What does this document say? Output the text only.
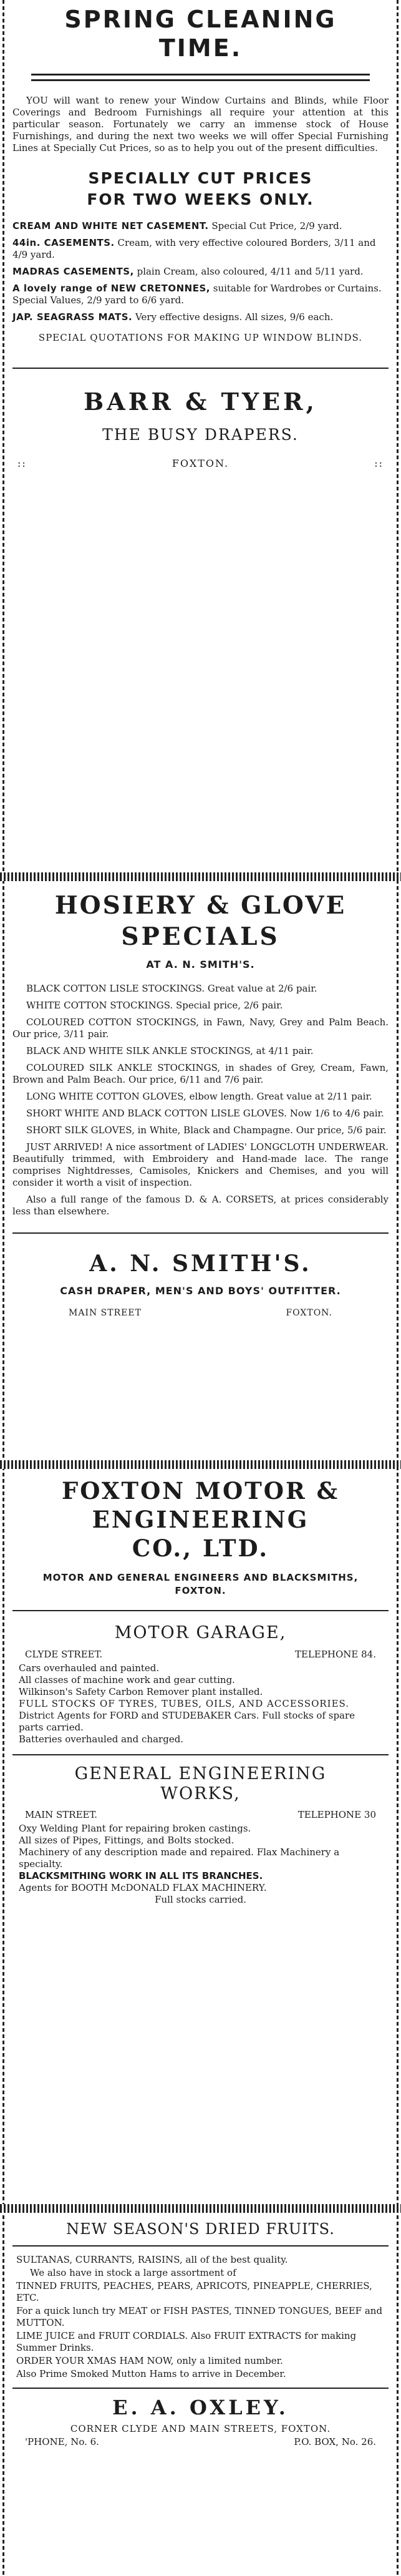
SPRING CLEANING
TIME.

YOU will want to renew your Window Curtains and Blinds, while Floor Coverings and Bedroom Furnishings all require your attention at this particular season. Fortunately we carry an immense stock of House Furnishings, and during the next two weeks we will offer Special Furnishing Lines at Specially Cut Prices, so as to help you out of the present difficulties.

SPECIALLY CUT PRICES
FOR TWO WEEKS ONLY.

CREAM AND WHITE NET CASEMENT. Special Cut Price, 2/9 yard.

44in. CASEMENTS. Cream, with very effective coloured Borders, 3/11 and 4/9 yard.

MADRAS CASEMENTS, plain Cream, also coloured, 4/11 and 5/11 yard.

A lovely range of NEW CRETONNES, suitable for Wardrobes or Curtains. Special Values, 2/9 yard to 6/6 yard.

JAP. SEAGRASS MATS. Very effective designs. All sizes, 9/6 each.

SPECIAL QUOTATIONS FOR MAKING UP WINDOW BLINDS.

BARR & TYER,
THE BUSY DRAPERS.
::	FOXTON.	::
HOSIERY & GLOVE
SPECIALS
AT A. N. SMITH'S.

BLACK COTTON LISLE STOCKINGS. Great value at 2/6 pair.

WHITE COTTON STOCKINGS. Special price, 2/6 pair.

COLOURED COTTON STOCKINGS, in Fawn, Navy, Grey and Palm Beach. Our price, 3/11 pair.

BLACK AND WHITE SILK ANKLE STOCKINGS, at 4/11 pair.

COLOURED SILK ANKLE STOCKINGS, in shades of Grey, Cream, Fawn, Brown and Palm Beach. Our price, 6/11 and 7/6 pair.

LONG WHITE COTTON GLOVES, elbow length. Great value at 2/11 pair.

SHORT WHITE AND BLACK COTTON LISLE GLOVES. Now 1/6 to 4/6 pair.

SHORT SILK GLOVES, in White, Black and Champagne. Our price, 5/6 pair.

JUST ARRIVED! A nice assortment of LADIES' LONGCLOTH UNDERWEAR. Beautifully trimmed, with Embroidery and Hand-made lace. The range comprises Nightdresses, Camisoles, Knickers and Chemises, and you will consider it worth a visit of inspection.

Also a full range of the famous D. & A. CORSETS, at prices considerably less than elsewhere.

A. N. SMITH'S.
CASH DRAPER, MEN'S AND BOYS' OUTFITTER.
MAIN STREET	FOXTON.
FOXTON MOTOR &
ENGINEERING
CO., LTD.
MOTOR AND GENERAL ENGINEERS AND BLACKSMITHS, FOXTON.
MOTOR GARAGE,
CLYDE STREET.	TELEPHONE 84.

Cars overhauled and painted.

All classes of machine work and gear cutting.

Wilkinson's Safety Carbon Remover plant installed.

FULL STOCKS OF TYRES, TUBES, OILS, AND ACCESSORIES.

District Agents for FORD and STUDEBAKER Cars. Full stocks of spare parts carried.

Batteries overhauled and charged.

GENERAL ENGINEERING
WORKS,
MAIN STREET.	TELEPHONE 30

Oxy Welding Plant for repairing broken castings.

All sizes of Pipes, Fittings, and Bolts stocked.

Machinery of any description made and repaired. Flax Machinery a specialty.

BLACKSMITHING WORK IN ALL ITS BRANCHES.

Agents for BOOTH McDONALD FLAX MACHINERY.

Full stocks carried.

NEW SEASON'S DRIED FRUITS.

SULTANAS, CURRANTS, RAISINS, all of the best quality.

We also have in stock a large assortment of

TINNED FRUITS, PEACHES, PEARS, APRICOTS, PINEAPPLE, CHERRIES, ETC.

For a quick lunch try MEAT or FISH PASTES, TINNED TONGUES, BEEF and MUTTON.

LIME JUICE and FRUIT CORDIALS. Also FRUIT EXTRACTS for making Summer Drinks.

ORDER YOUR XMAS HAM NOW, only a limited number.

Also Prime Smoked Mutton Hams to arrive in December.

E. A. OXLEY.
CORNER CLYDE AND MAIN STREETS, FOXTON.
'PHONE, No. 6.	P.O. BOX, No. 26.
